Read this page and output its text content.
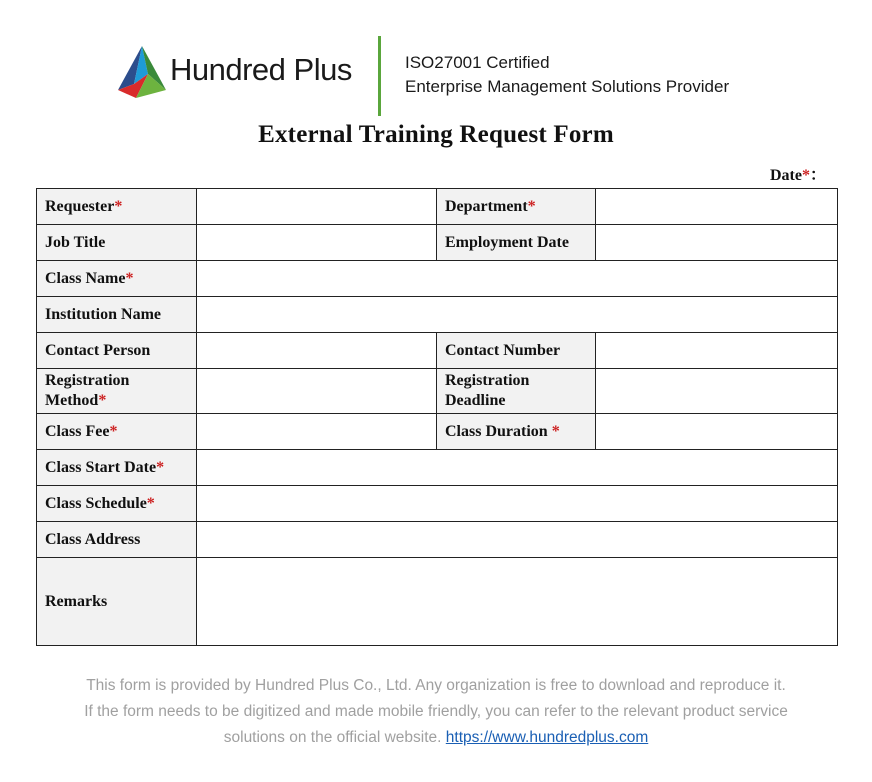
Hundred Plus	ISO27001 Certified
Enterprise Management Solutions Provider
External Training Request Form
Date*：
Requester*		Department*	
Job Title		Employment Date	
Class Name*			
Institution Name			
Contact Person		Contact Number	
Registration Method*		Registration Deadline	
Class Fee*		Class Duration *	
Class Start Date*			
Class Schedule*			
Class Address			
Remarks			
This form is provided by Hundred Plus Co., Ltd. Any organization is free to download and reproduce it.
If the form needs to be digitized and made mobile friendly, you can refer to the relevant product service
solutions on the official website. https://www.hundredplus.com
